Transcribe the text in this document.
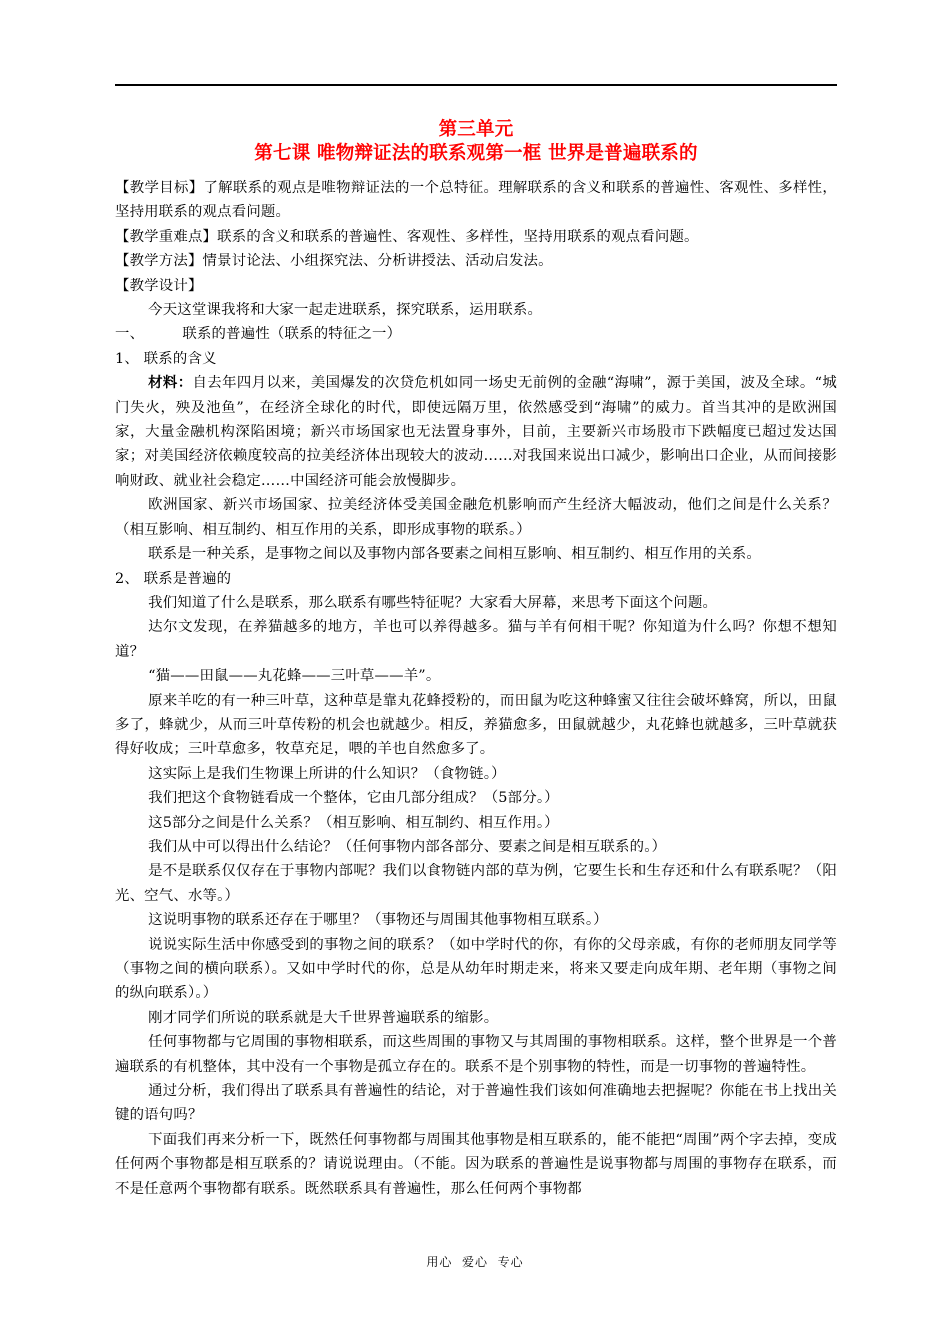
第三单元
第七课 唯物辩证法的联系观第一框 世界是普遍联系的

【教学目标】了解联系的观点是唯物辩证法的一个总特征。理解联系的含义和联系的普遍性、客观性、多样性，坚持用联系的观点看问题。

【教学重难点】联系的含义和联系的普遍性、客观性、多样性，坚持用联系的观点看问题。

【教学方法】情景讨论法、小组探究法、分析讲授法、活动启发法。

【教学设计】

今天这堂课我将和大家一起走进联系，探究联系，运用联系。

一、        联系的普遍性（联系的特征之一）

1、 联系的含义

材料：自去年四月以来，美国爆发的次贷危机如同一场史无前例的金融“海啸”，源于美国，波及全球。“城门失火，殃及池鱼”，在经济全球化的时代，即使远隔万里，依然感受到“海啸”的威力。首当其冲的是欧洲国家，大量金融机构深陷困境；新兴市场国家也无法置身事外，目前，主要新兴市场股市下跌幅度已超过发达国家；对美国经济依赖度较高的拉美经济体出现较大的波动……对我国来说出口减少，影响出口企业，从而间接影响财政、就业社会稳定……中国经济可能会放慢脚步。

欧洲国家、新兴市场国家、拉美经济体受美国金融危机影响而产生经济大幅波动，他们之间是什么关系？（相互影响、相互制约、相互作用的关系，即形成事物的联系。）

联系是一种关系，是事物之间以及事物内部各要素之间相互影响、相互制约、相互作用的关系。

2、 联系是普遍的

我们知道了什么是联系，那么联系有哪些特征呢？大家看大屏幕，来思考下面这个问题。

达尔文发现，在养猫越多的地方，羊也可以养得越多。猫与羊有何相干呢？你知道为什么吗？你想不想知道？

“猫——田鼠——丸花蜂——三叶草——羊”。

原来羊吃的有一种三叶草，这种草是靠丸花蜂授粉的，而田鼠为吃这种蜂蜜又往往会破坏蜂窝，所以，田鼠多了，蜂就少，从而三叶草传粉的机会也就越少。相反，养猫愈多，田鼠就越少，丸花蜂也就越多，三叶草就获得好收成；三叶草愈多，牧草充足，喂的羊也自然愈多了。

这实际上是我们生物课上所讲的什么知识？（食物链。）

我们把这个食物链看成一个整体，它由几部分组成？（5部分。）

这5部分之间是什么关系？（相互影响、相互制约、相互作用。）

我们从中可以得出什么结论？（任何事物内部各部分、要素之间是相互联系的。）

是不是联系仅仅存在于事物内部呢？我们以食物链内部的草为例，它要生长和生存还和什么有联系呢？（阳光、空气、水等。）

这说明事物的联系还存在于哪里？（事物还与周围其他事物相互联系。）

说说实际生活中你感受到的事物之间的联系？（如中学时代的你，有你的父母亲戚，有你的老师朋友同学等（事物之间的横向联系）。又如中学时代的你，总是从幼年时期走来，将来又要走向成年期、老年期（事物之间的纵向联系）。）

刚才同学们所说的联系就是大千世界普遍联系的缩影。

任何事物都与它周围的事物相联系，而这些周围的事物又与其周围的事物相联系。这样，整个世界是一个普遍联系的有机整体，其中没有一个事物是孤立存在的。联系不是个别事物的特性，而是一切事物的普遍特性。

通过分析，我们得出了联系具有普遍性的结论，对于普遍性我们该如何准确地去把握呢？你能在书上找出关键的语句吗？

下面我们再来分析一下，既然任何事物都与周围其他事物是相互联系的，能不能把“周围”两个字去掉，变成任何两个事物都是相互联系的？请说说理由。（不能。因为联系的普遍性是说事物都与周围的事物存在联系，而不是任意两个事物都有联系。既然联系具有普遍性，那么任何两个事物都

用心  爱心  专心
